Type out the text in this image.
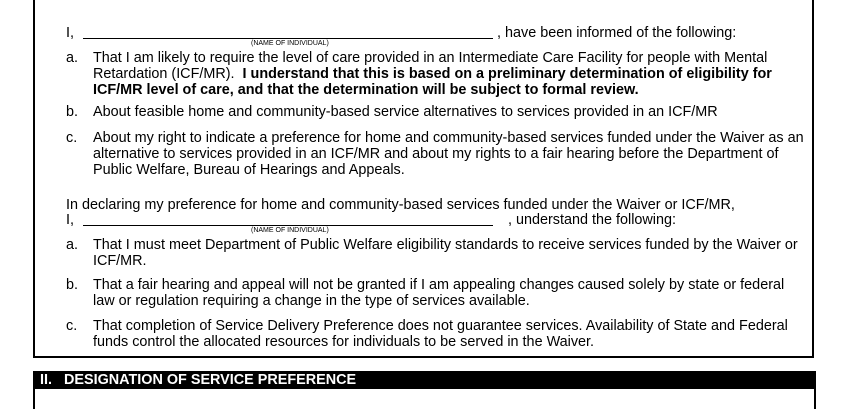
I,
(NAME OF INDIVIDUAL)
, have been informed of the following:
a.	That I am likely to require the level of care provided in an Intermediate Care Facility for people with Mental Retardation (ICF/MR). I understand that this is based on a preliminary determination of eligibility for ICF/MR level of care, and that the determination will be subject to formal review.
b.	About feasible home and community-based service alternatives to services provided in an ICF/MR
c.	About my right to indicate a preference for home and community-based services funded under the Waiver as an alternative to services provided in an ICF/MR and about my rights to a fair hearing before the Department of Public Welfare, Bureau of Hearings and Appeals.
In declaring my preference for home and community-based services funded under the Waiver or ICF/MR,
I,
(NAME OF INDIVIDUAL)
, understand the following:
a.	That I must meet Department of Public Welfare eligibility standards to receive services funded by the Waiver or ICF/MR.
b.	That a fair hearing and appeal will not be granted if I am appealing changes caused solely by state or federal law or regulation requiring a change in the type of services available.
c.	That completion of Service Delivery Preference does not guarantee services. Availability of State and Federal funds control the allocated resources for individuals to be served in the Waiver.
II.   DESIGNATION OF SERVICE PREFERENCE
